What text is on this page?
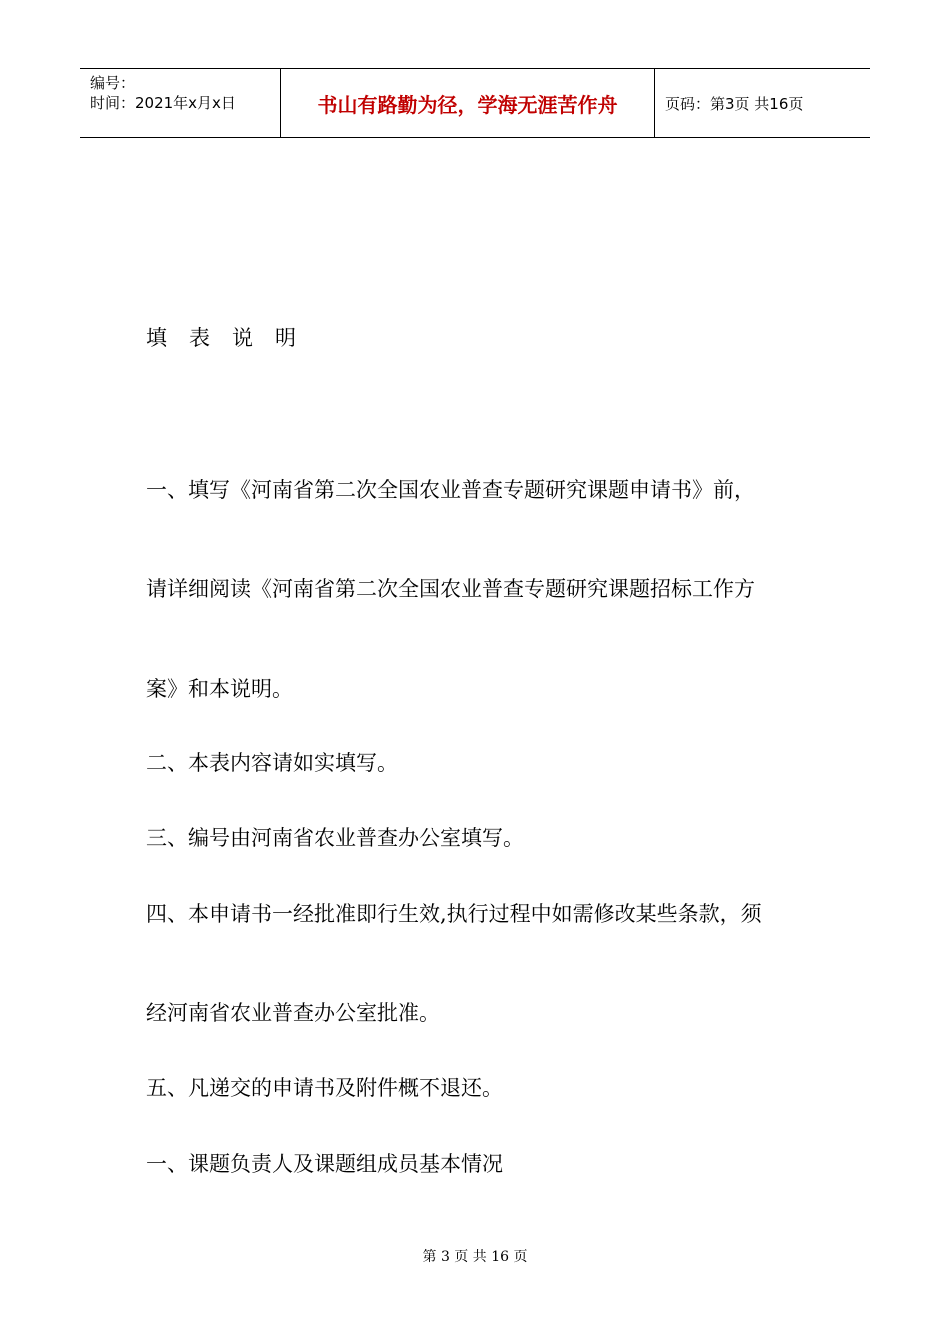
编号：
时间：2021年x月x日	书山有路勤为径，学海无涯苦作舟	页码：第3页 共16页
填表说明
一、填写《河南省第二次全国农业普查专题研究课题申请书》前，
请详细阅读《河南省第二次全国农业普查专题研究课题招标工作方
案》和本说明。
二、本表内容请如实填写。
三、编号由河南省农业普查办公室填写。
四、本申请书一经批准即行生效,执行过程中如需修改某些条款，须
经河南省农业普查办公室批准。
五、凡递交的申请书及附件概不退还。
一、课题负责人及课题组成员基本情况
第 3 页 共 16 页
